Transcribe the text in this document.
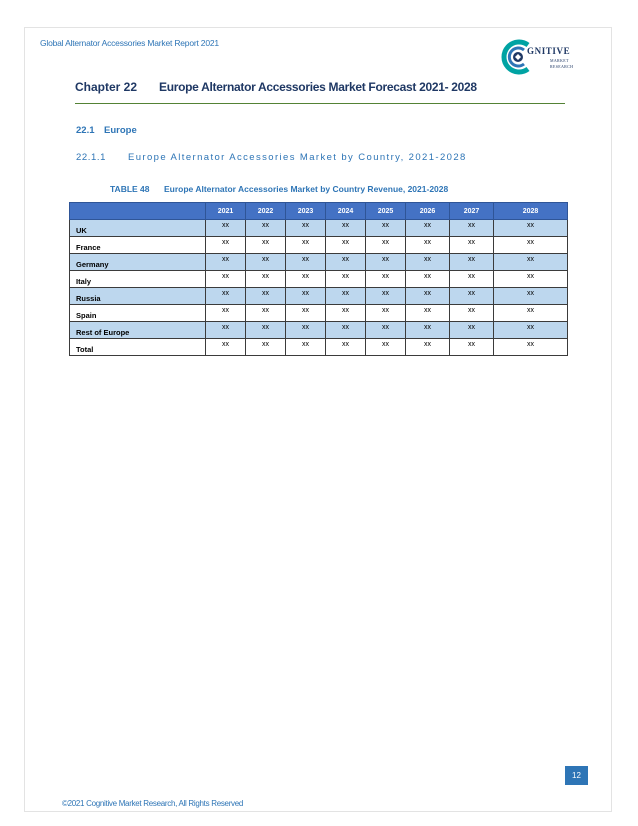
Global Alternator Accessories Market Report 2021
GNITIVE
MARKET
RESEARCH
Chapter 22 Europe Alternator Accessories Market Forecast 2021- 2028
22.1 Europe
22.1.1 Europe Alternator Accessories Market by Country, 2021-2028
TABLE 48 Europe Alternator Accessories Market by Country Revenue, 2021-2028
	2021	2022	2023	2024	2025	2026	2027	2028
UK	xx	xx	xx	xx	xx	xx	xx	xx
France	xx	xx	xx	xx	xx	xx	xx	xx
Germany	xx	xx	xx	xx	xx	xx	xx	xx
Italy	xx	xx	xx	xx	xx	xx	xx	xx
Russia	xx	xx	xx	xx	xx	xx	xx	xx
Spain	xx	xx	xx	xx	xx	xx	xx	xx
Rest of Europe	xx	xx	xx	xx	xx	xx	xx	xx
Total	xx	xx	xx	xx	xx	xx	xx	xx
12
©2021 Cognitive Market Research, All Rights Reserved
